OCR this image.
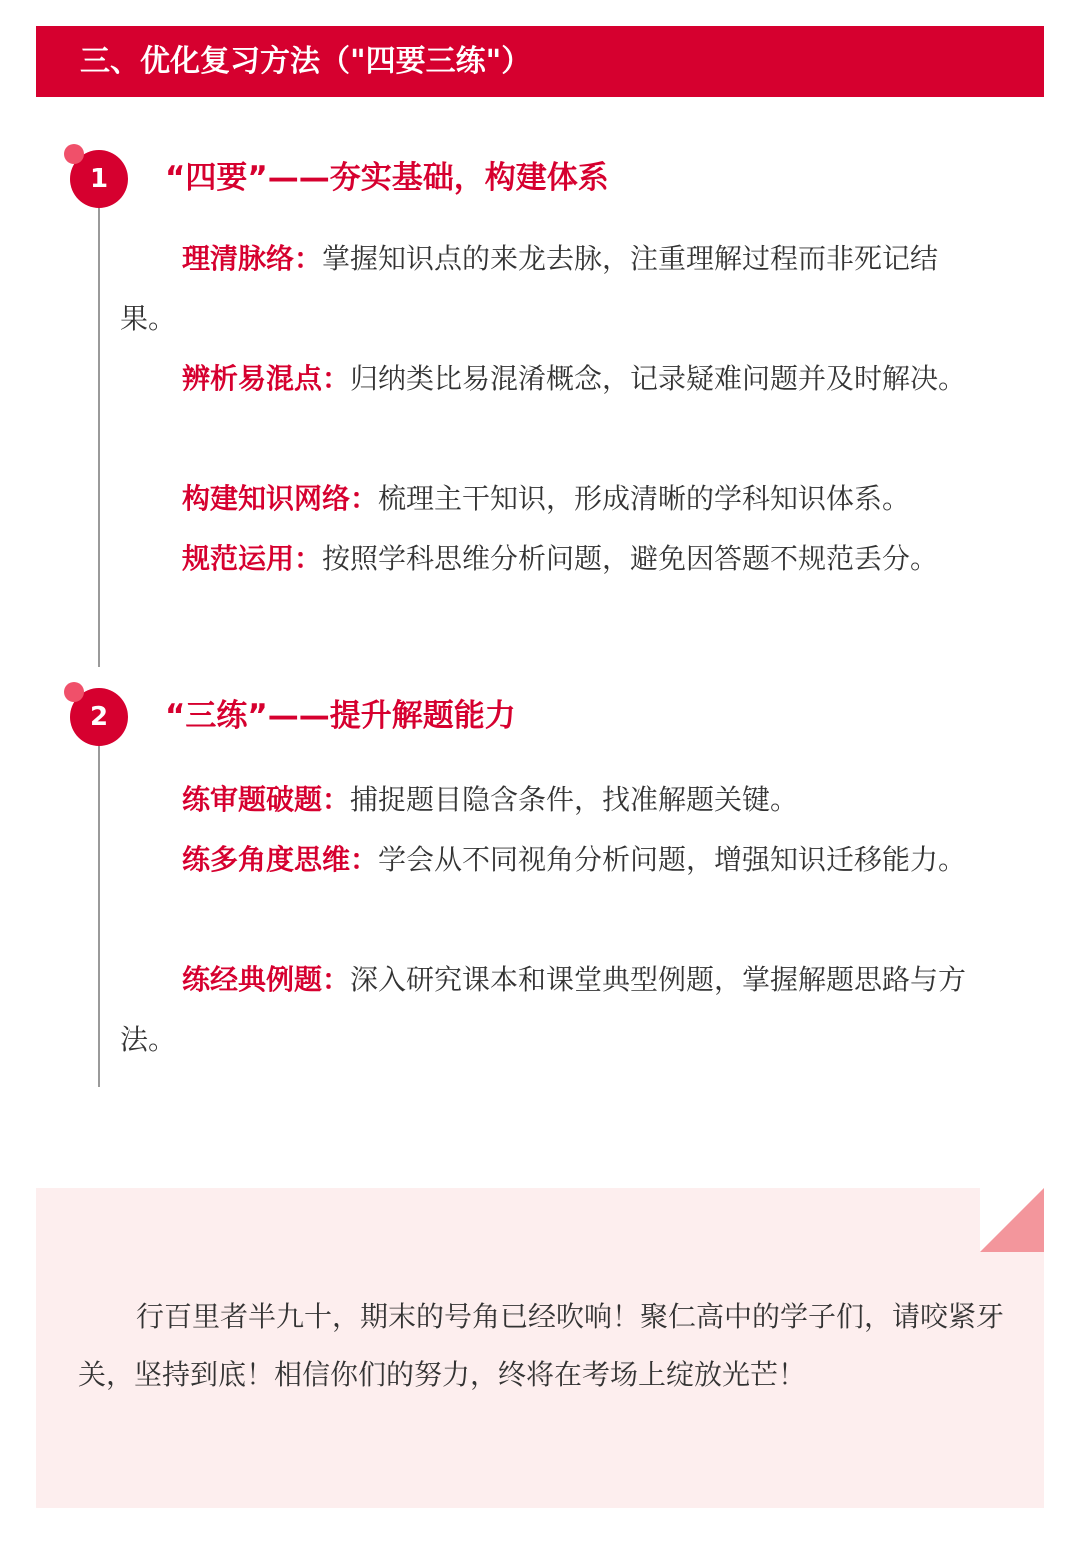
三、优化复习方法（"四要三练"）
1	“四要”——夯实基础，构建体系
理清脉络：掌握知识点的来龙去脉，注重理解过程而非死记结果。
辨析易混点：归纳类比易混淆概念，记录疑难问题并及时解决。
构建知识网络：梳理主干知识，形成清晰的学科知识体系。
规范运用：按照学科思维分析问题，避免因答题不规范丢分。
2	“三练”——提升解题能力
练审题破题：捕捉题目隐含条件，找准解题关键。
练多角度思维：学会从不同视角分析问题，增强知识迁移能力。
练经典例题：深入研究课本和课堂典型例题，掌握解题思路与方法。
行百里者半九十，期末的号角已经吹响！聚仁高中的学子们，请咬紧牙关，坚持到底！相信你们的努力，终将在考场上绽放光芒！
